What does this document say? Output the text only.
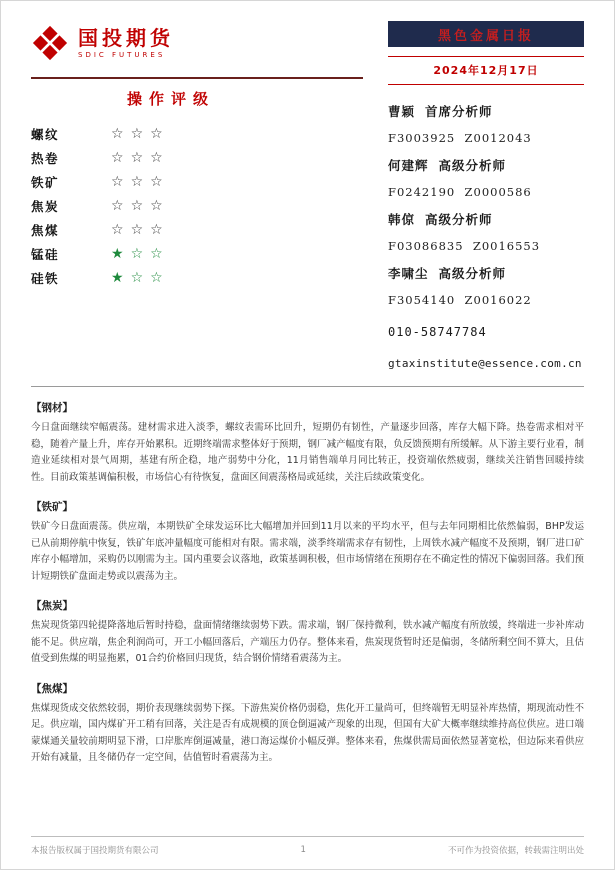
国投期货
SDIC FUTURES
操作评级
螺纹	☆ ☆ ☆
热卷	☆ ☆ ☆
铁矿	☆ ☆ ☆
焦炭	☆ ☆ ☆
焦煤	☆ ☆ ☆
锰硅	★ ☆ ☆
硅铁	★ ☆ ☆
黑色金属日报
2024年12月17日
曹颖 首席分析师
F3003925  Z0012043
何建辉 高级分析师
F0242190  Z0000586
韩倞 高级分析师
F03086835  Z0016553
李啸尘 高级分析师
F3054140  Z0016022
010-58747784
gtaxinstitute@essence.com.cn
【钢材】

今日盘面继续窄幅震荡。建材需求进入淡季，螺纹表需环比回升，短期仍有韧性，产量逐步回落，库存大幅下降。热卷需求相对平稳，随着产量上升，库存开始累积。近期终端需求整体好于预期，钢厂减产幅度有限，负反馈预期有所缓解。从下游主要行业看，制造业延续相对景气周期，基建有所企稳，地产弱势中分化，11月销售端单月同比转正，投资端依然疲弱，继续关注销售回暖持续性。目前政策基调偏积极，市场信心有待恢复，盘面区间震荡格局或延续，关注后续政策变化。

【铁矿】

铁矿今日盘面震荡。供应端，本期铁矿全球发运环比大幅增加并回到11月以来的平均水平，但与去年同期相比依然偏弱，BHP发运已从前期停航中恢复，铁矿年底冲量幅度可能相对有限。需求端，淡季终端需求存有韧性，上周铁水减产幅度不及预期，钢厂进口矿库存小幅增加，采购仍以刚需为主。国内重要会议落地，政策基调积极，但市场情绪在预期存在不确定性的情况下偏弱回落。我们预计短期铁矿盘面走势或以震荡为主。

【焦炭】

焦炭现货第四轮提降落地后暂时持稳，盘面情绪继续弱势下跌。需求端，钢厂保持微利，铁水减产幅度有所放缓，终端进一步补库动能不足。供应端，焦企利润尚可，开工小幅回落后，产端压力仍存。整体来看，焦炭现货暂时还是偏弱，冬储所剩空间不算大，且估值受到焦煤的明显拖累，01合约价格回归现货，结合钢价情绪看震荡为主。

【焦煤】

焦煤现货成交依然较弱，期价表现继续弱势下探。下游焦炭价格仍弱稳，焦化开工量尚可，但终端暂无明显补库热情，期现流动性不足。供应端，国内煤矿开工稍有回落，关注是否有成规模的顶仓倒逼减产现象的出现，但国有大矿大概率继续维持高位供应。进口端蒙煤通关量较前期明显下滑，口岸胀库倒逼减量，港口海运煤价小幅反弹。整体来看，焦煤供需局面依然显著宽松，但边际来看供应开始有减量，且冬储仍存一定空间，估值暂时看震荡为主。

本报告版权属于国投期货有限公司	1	不可作为投资依据，转载需注明出处
